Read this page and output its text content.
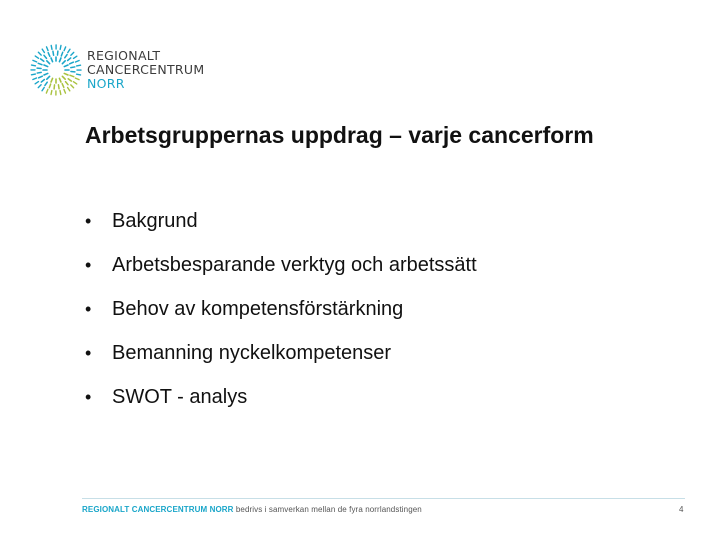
REGIONALT
CANCERCENTRUM
NORR
Arbetsgruppernas uppdrag – varje cancerform
•	Bakgrund
•	Arbetsbesparande verktyg och arbetssätt
•	Behov av kompetensförstärkning
•	Bemanning nyckelkompetenser
•	SWOT - analys
REGIONALT CANCERCENTRUM NORR bedrivs i samverkan mellan de fyra norrlandstingen	4
